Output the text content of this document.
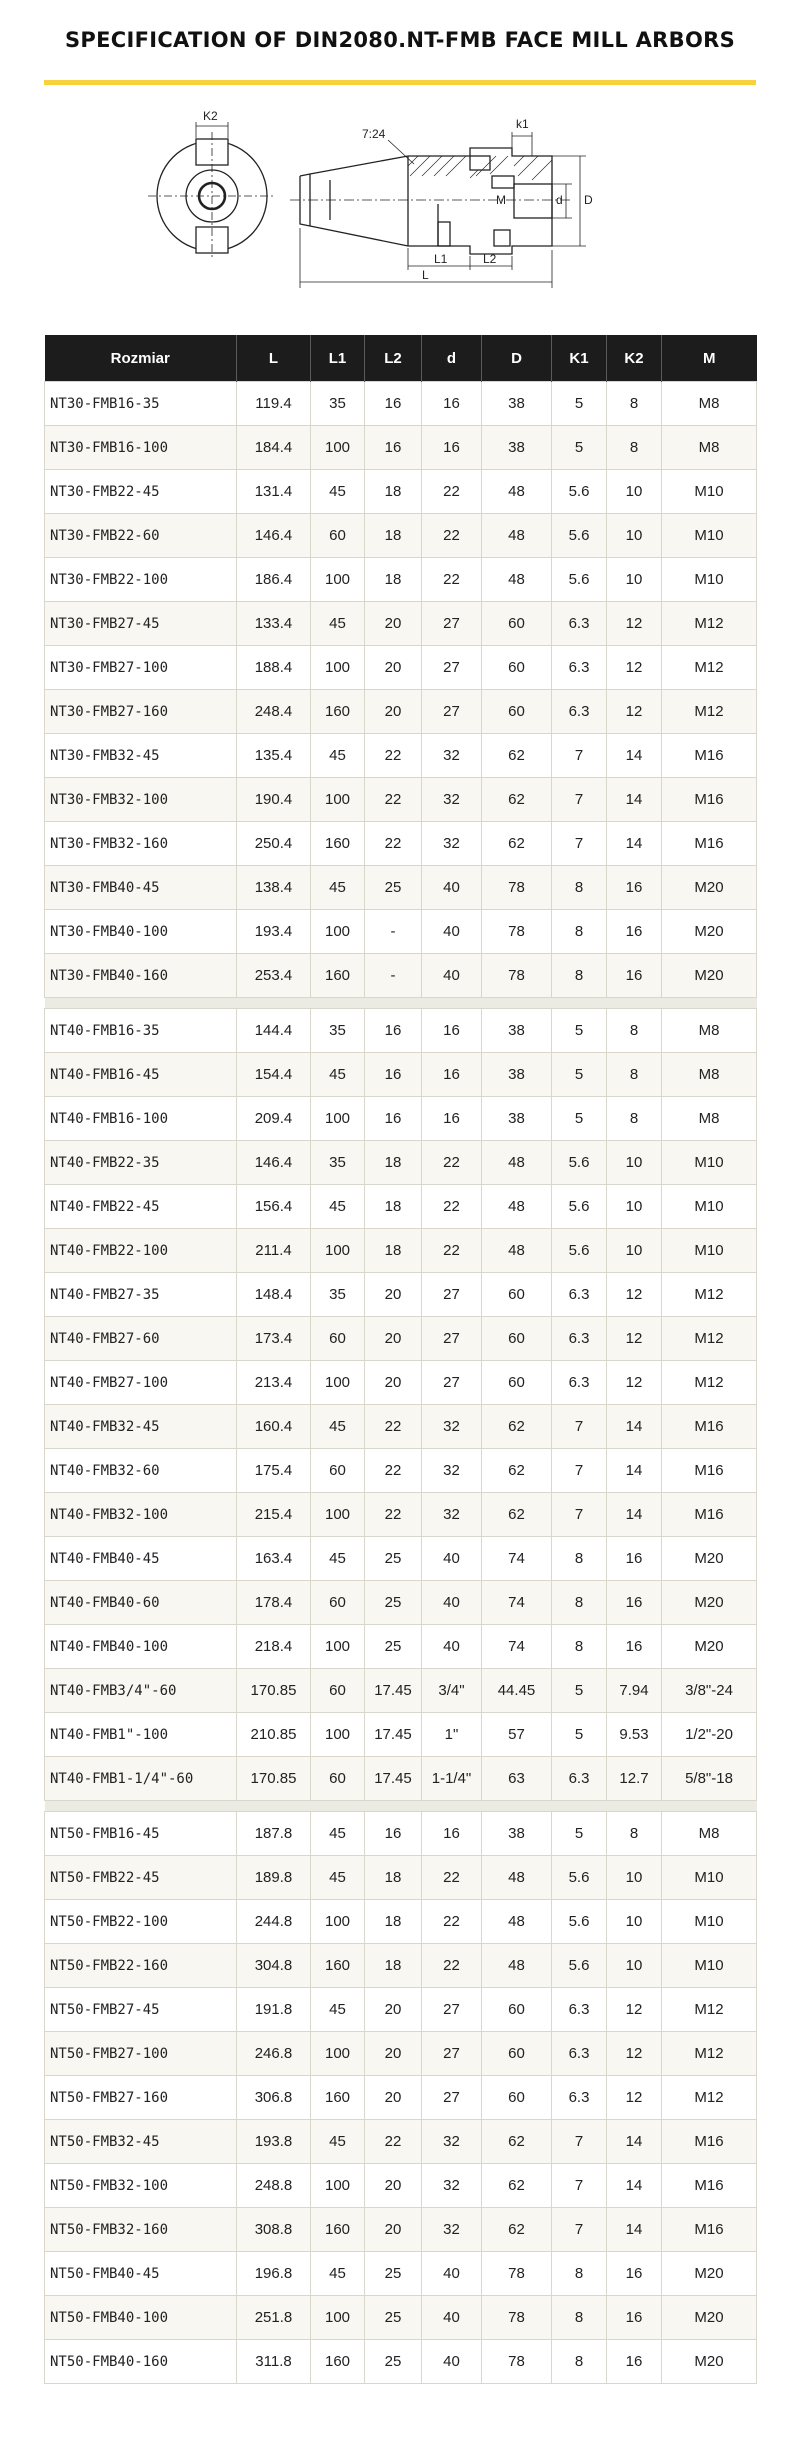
SPECIFICATION OF DIN2080.NT-FMB FACE MILL ARBORS
K2
7:24
k1
M	d D
L1	L2
L
Rozmiar	L	L1	L2	d	D	K1	K2	M
NT30-FMB16-35	119.4	35	16	16	38	5	8	M8
NT30-FMB16-100	184.4	100	16	16	38	5	8	M8
NT30-FMB22-45	131.4	45	18	22	48	5.6	10	M10
NT30-FMB22-60	146.4	60	18	22	48	5.6	10	M10
NT30-FMB22-100	186.4	100	18	22	48	5.6	10	M10
NT30-FMB27-45	133.4	45	20	27	60	6.3	12	M12
NT30-FMB27-100	188.4	100	20	27	60	6.3	12	M12
NT30-FMB27-160	248.4	160	20	27	60	6.3	12	M12
NT30-FMB32-45	135.4	45	22	32	62	7	14	M16
NT30-FMB32-100	190.4	100	22	32	62	7	14	M16
NT30-FMB32-160	250.4	160	22	32	62	7	14	M16
NT30-FMB40-45	138.4	45	25	40	78	8	16	M20
NT30-FMB40-100	193.4	100	-	40	78	8	16	M20
NT30-FMB40-160	253.4	160	-	40	78	8	16	M20

NT40-FMB16-35	144.4	35	16	16	38	5	8	M8
NT40-FMB16-45	154.4	45	16	16	38	5	8	M8
NT40-FMB16-100	209.4	100	16	16	38	5	8	M8
NT40-FMB22-35	146.4	35	18	22	48	5.6	10	M10
NT40-FMB22-45	156.4	45	18	22	48	5.6	10	M10
NT40-FMB22-100	211.4	100	18	22	48	5.6	10	M10
NT40-FMB27-35	148.4	35	20	27	60	6.3	12	M12
NT40-FMB27-60	173.4	60	20	27	60	6.3	12	M12
NT40-FMB27-100	213.4	100	20	27	60	6.3	12	M12
NT40-FMB32-45	160.4	45	22	32	62	7	14	M16
NT40-FMB32-60	175.4	60	22	32	62	7	14	M16
NT40-FMB32-100	215.4	100	22	32	62	7	14	M16
NT40-FMB40-45	163.4	45	25	40	74	8	16	M20
NT40-FMB40-60	178.4	60	25	40	74	8	16	M20
NT40-FMB40-100	218.4	100	25	40	74	8	16	M20
NT40-FMB3/4"-60	170.85	60	17.45	3/4"	44.45	5	7.94	3/8"-24
NT40-FMB1"-100	210.85	100	17.45	1"	57	5	9.53	1/2"-20
NT40-FMB1-1/4"-60	170.85	60	17.45	1-1/4"	63	6.3	12.7	5/8"-18

NT50-FMB16-45	187.8	45	16	16	38	5	8	M8
NT50-FMB22-45	189.8	45	18	22	48	5.6	10	M10
NT50-FMB22-100	244.8	100	18	22	48	5.6	10	M10
NT50-FMB22-160	304.8	160	18	22	48	5.6	10	M10
NT50-FMB27-45	191.8	45	20	27	60	6.3	12	M12
NT50-FMB27-100	246.8	100	20	27	60	6.3	12	M12
NT50-FMB27-160	306.8	160	20	27	60	6.3	12	M12
NT50-FMB32-45	193.8	45	22	32	62	7	14	M16
NT50-FMB32-100	248.8	100	20	32	62	7	14	M16
NT50-FMB32-160	308.8	160	20	32	62	7	14	M16
NT50-FMB40-45	196.8	45	25	40	78	8	16	M20
NT50-FMB40-100	251.8	100	25	40	78	8	16	M20
NT50-FMB40-160	311.8	160	25	40	78	8	16	M20
